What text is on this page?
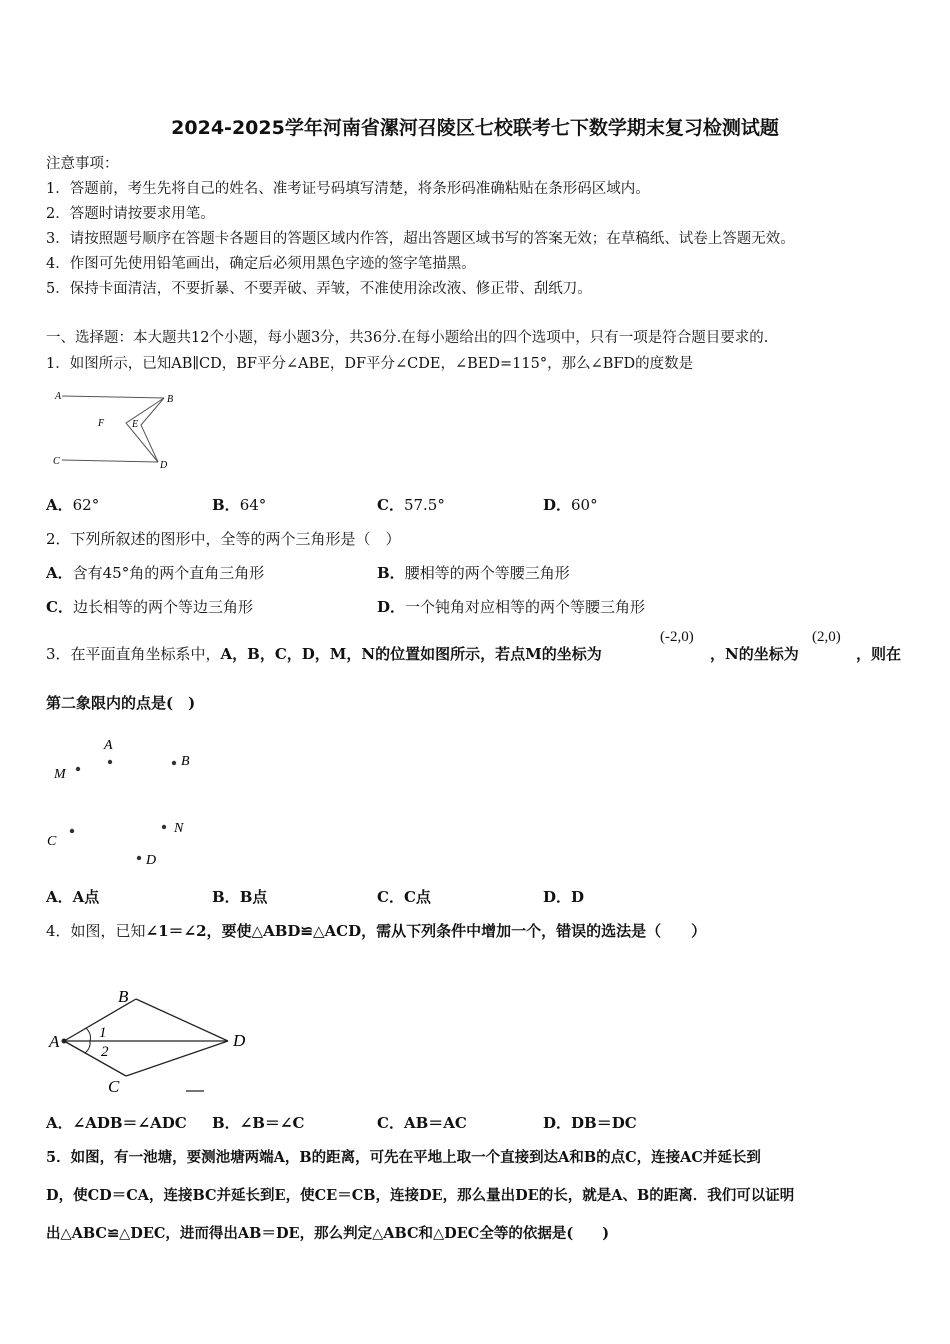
2024-2025学年河南省漯河召陵区七校联考七下数学期末复习检测试题
注意事项：
1．答题前，考生先将自己的姓名、准考证号码填写清楚，将条形码准确粘贴在条形码区域内。
2．答题时请按要求用笔。
3．请按照题号顺序在答题卡各题目的答题区域内作答，超出答题区域书写的答案无效；在草稿纸、试卷上答题无效。
4．作图可先使用铅笔画出，确定后必须用黑色字迹的签字笔描黑。
5．保持卡面清洁，不要折暴、不要弄破、弄皱，不准使用涂改液、修正带、刮纸刀。
一、选择题：本大题共12个小题，每小题3分，共36分.在每小题给出的四个选项中，只有一项是符合题目要求的.
1．如图所示，已知AB∥CD，BF平分∠ABE，DF平分∠CDE，∠BED=115°，那么∠BFD的度数是
A	B
C	D
E
F
A．62°	B．64°	C．57.5°	D．60°
2．下列所叙述的图形中，全等的两个三角形是（　）
A．含有45°角的两个直角三角形	B．腰相等的两个等腰三角形
C．边长相等的两个等边三角形	D．一个钝角对应相等的两个等腰三角形
3．在平面直角坐标系中，A，B，C，D，M，N的位置如图所示，若点M的坐标为
(-2,0)
，N的坐标为
(2,0)
，则在
第二象限内的点是(　)
A
B
M
C
N
D
A．A点	B．B点	C．C点	D．D
4．如图，已知∠1＝∠2，要使△ABD≌△ACD，需从下列条件中增加一个，错误的选法是（　　）
A
B
C
D
1
2
A．∠ADB＝∠ADC B．∠B＝∠C	C．AB＝AC	D．DB＝DC
5．如图，有一池塘，要测池塘两端A，B的距离，可先在平地上取一个直接到达A和B的点C，连接AC并延长到
D，使CD＝CA，连接BC并延长到E，使CE＝CB，连接DE，那么量出DE的长，就是A、B的距离．我们可以证明
出△ABC≌△DEC，进而得出AB＝DE，那么判定△ABC和△DEC全等的依据是(　　)
